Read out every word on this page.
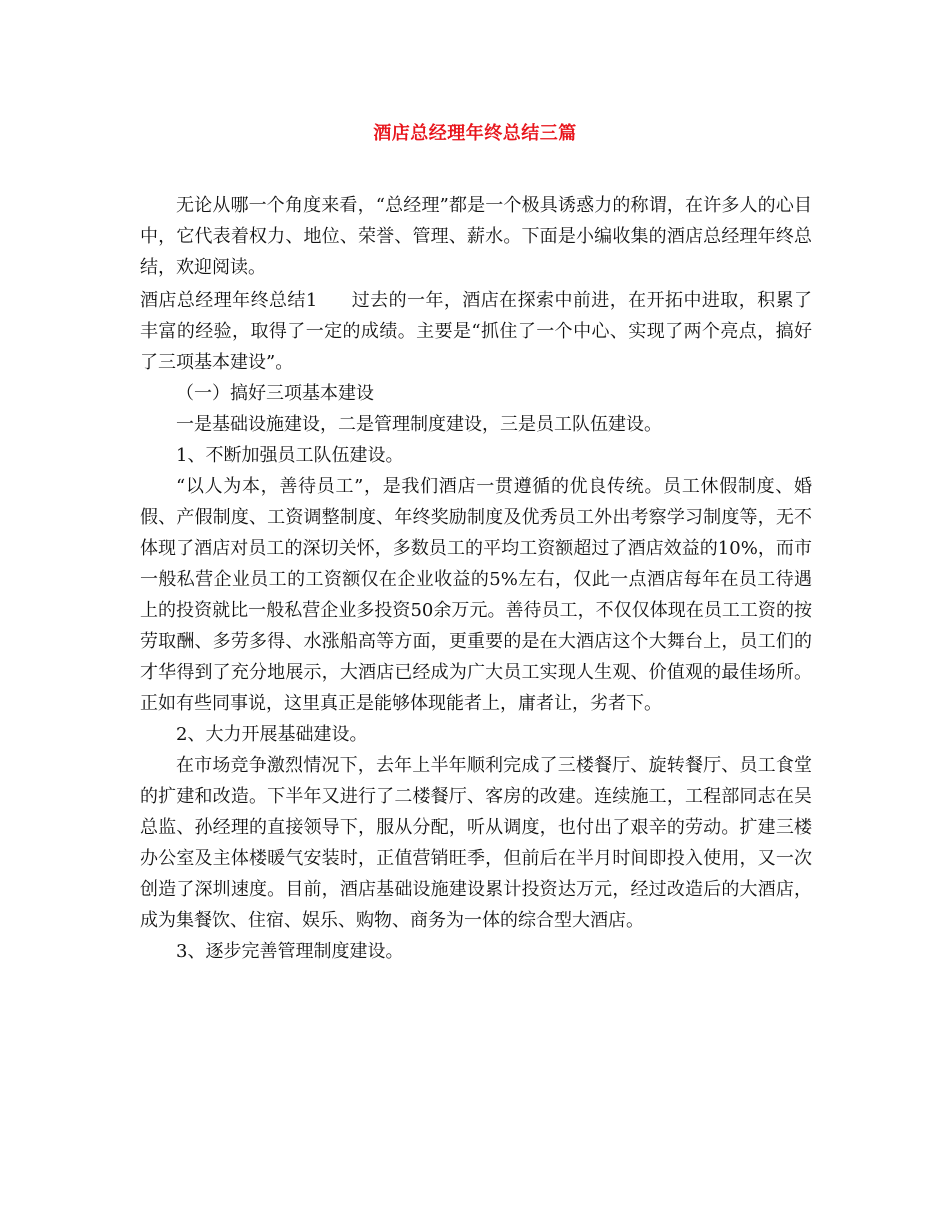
酒店总经理年终总结三篇

无论从哪一个角度来看，“总经理”都是一个极具诱惑力的称谓，在许多人的心目中，它代表着权力、地位、荣誉、管理、薪水。下面是小编收集的酒店总经理年终总结，欢迎阅读。

酒店总经理年终总结1 过去的一年，酒店在探索中前进，在开拓中进取，积累了丰富的经验，取得了一定的成绩。主要是“抓住了一个中心、实现了两个亮点，搞好了三项基本建设”。

（一）搞好三项基本建设

一是基础设施建设，二是管理制度建设，三是员工队伍建设。

1、不断加强员工队伍建设。

“以人为本，善待员工”，是我们酒店一贯遵循的优良传统。员工休假制度、婚假、产假制度、工资调整制度、年终奖励制度及优秀员工外出考察学习制度等，无不体现了酒店对员工的深切关怀，多数员工的平均工资额超过了酒店效益的10%，而市一般私营企业员工的工资额仅在企业收益的5%左右，仅此一点酒店每年在员工待遇上的投资就比一般私营企业多投资50余万元。善待员工，不仅仅体现在员工工资的按劳取酬、多劳多得、水涨船高等方面，更重要的是在大酒店这个大舞台上，员工们的才华得到了充分地展示，大酒店已经成为广大员工实现人生观、价值观的最佳场所。正如有些同事说，这里真正是能够体现能者上，庸者让，劣者下。

2、大力开展基础建设。

在市场竞争激烈情况下，去年上半年顺利完成了三楼餐厅、旋转餐厅、员工食堂的扩建和改造。下半年又进行了二楼餐厅、客房的改建。连续施工，工程部同志在吴总监、孙经理的直接领导下，服从分配，听从调度，也付出了艰辛的劳动。扩建三楼办公室及主体楼暖气安装时，正值营销旺季，但前后在半月时间即投入使用，又一次创造了深圳速度。目前，酒店基础设施建设累计投资达万元，经过改造后的大酒店，成为集餐饮、住宿、娱乐、购物、商务为一体的综合型大酒店。

3、逐步完善管理制度建设。
